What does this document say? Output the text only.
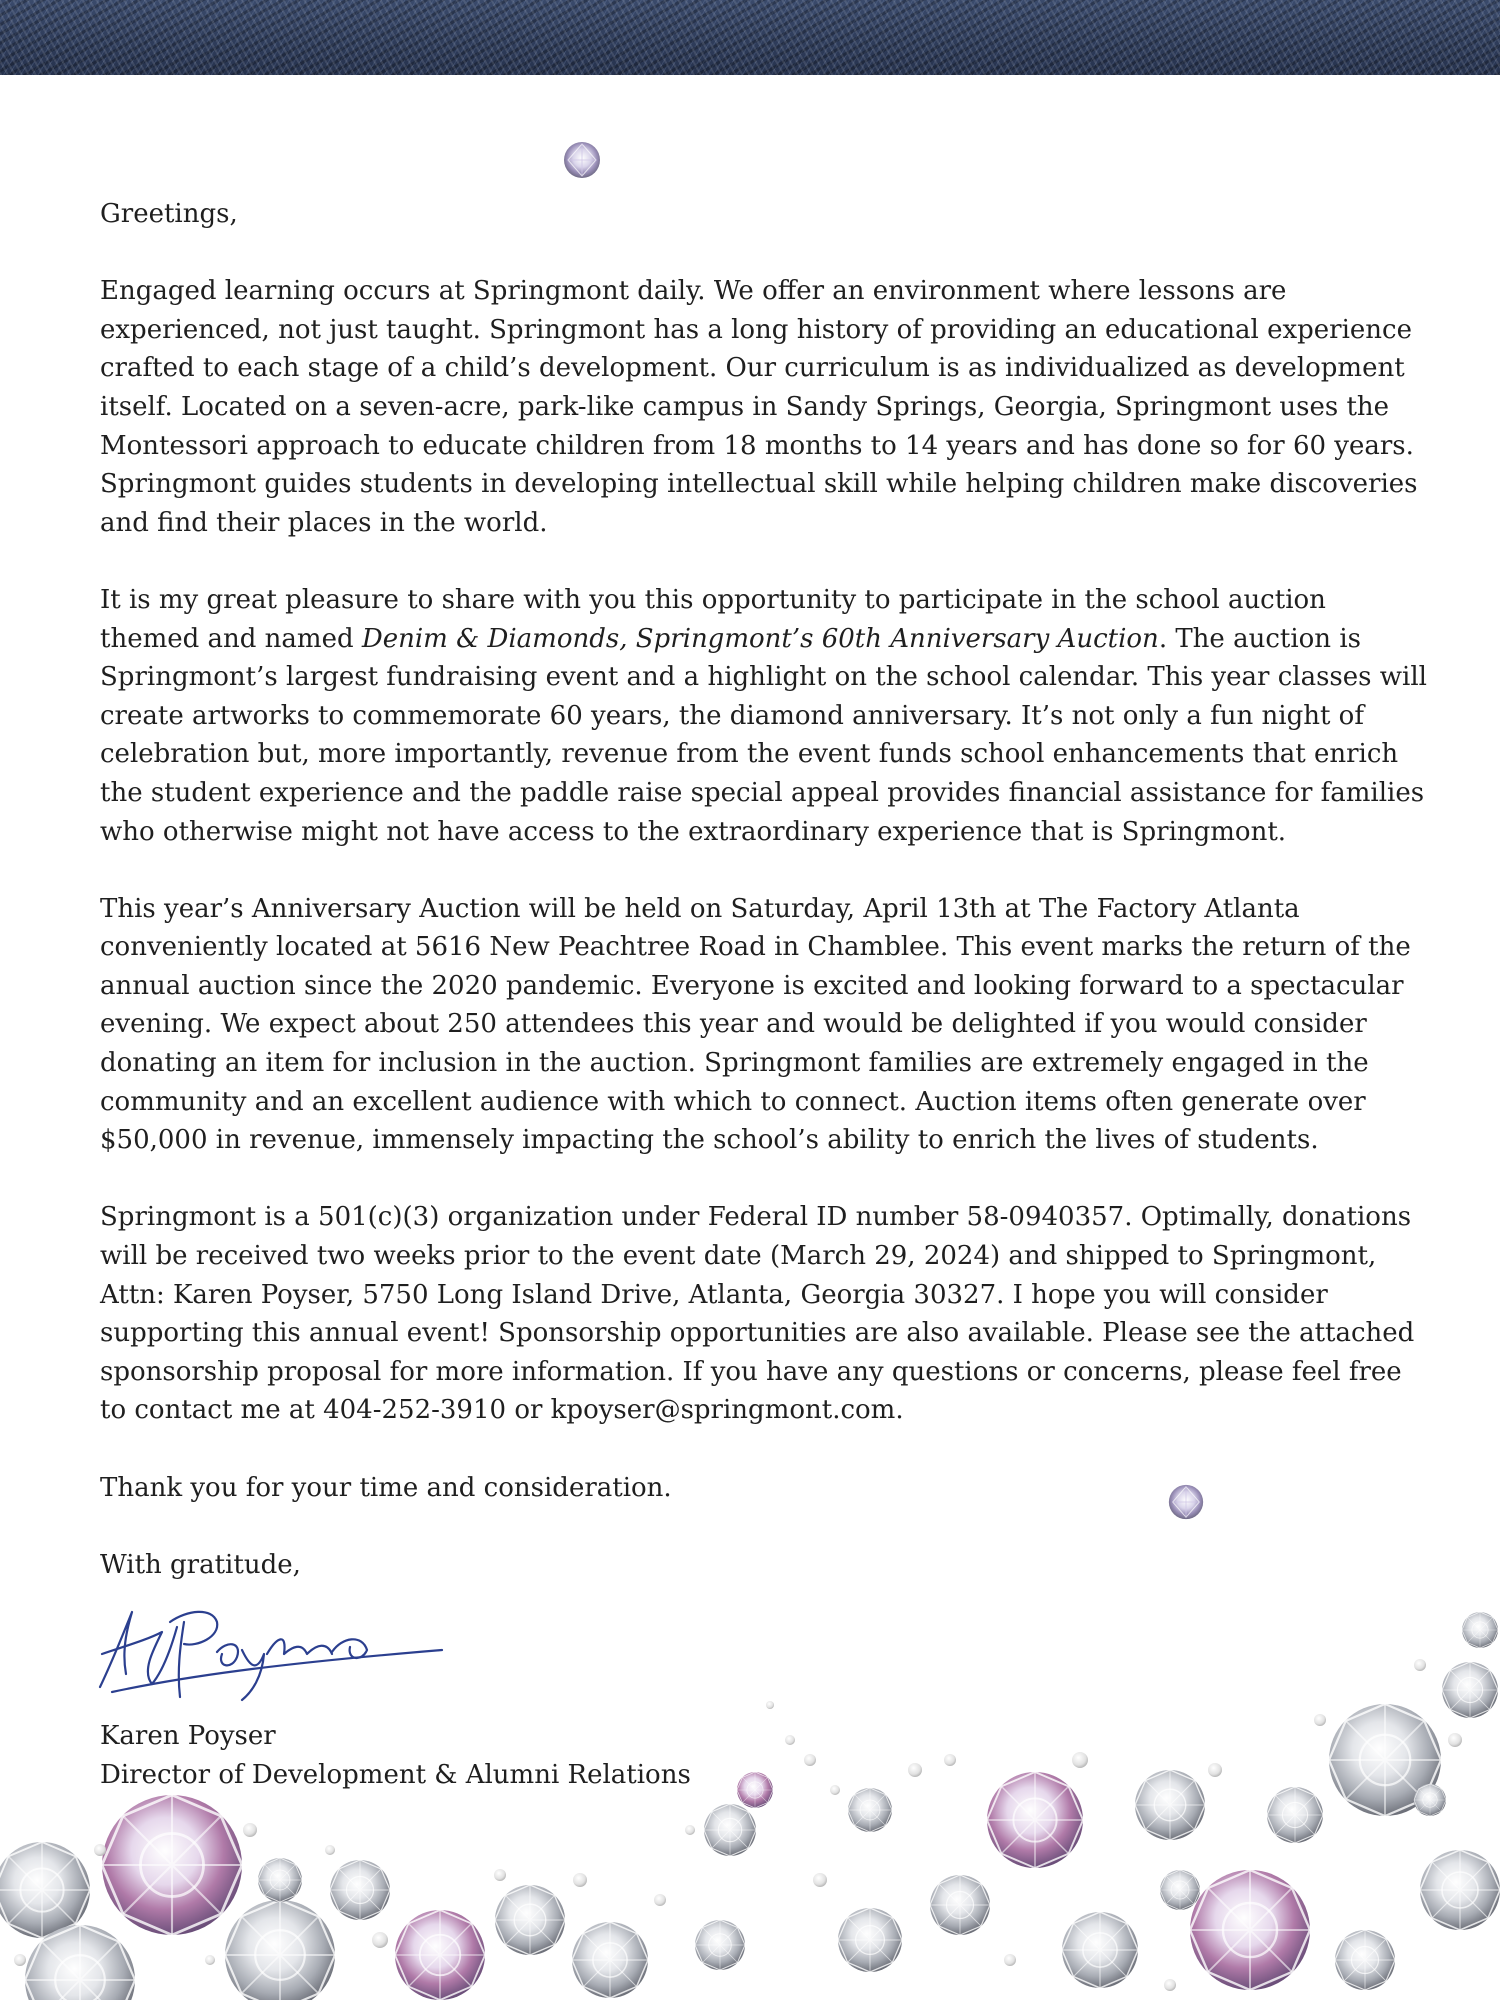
Greetings,

Engaged learning occurs at Springmont daily. We offer an environment where lessons are experienced, not just taught. Springmont has a long history of providing an educational experience crafted to each stage of a child’s development. Our curriculum is as individualized as development itself. Located on a seven-acre, park-like campus in Sandy Springs, Georgia, Springmont uses the Montessori approach to educate children from 18 months to 14 years and has done so for 60 years. Springmont guides students in developing intellectual skill while helping children make discoveries and find their places in the world.

It is my great pleasure to share with you this opportunity to participate in the school auction themed and named Denim & Diamonds, Springmont’s 60th Anniversary Auction. The auction is Springmont’s largest fundraising event and a highlight on the school calendar. This year classes will create artworks to commemorate 60 years, the diamond anniversary. It’s not only a fun night of celebration but, more importantly, revenue from the event funds school enhancements that enrich the student experience and the paddle raise special appeal provides financial assistance for families who otherwise might not have access to the extraordinary experience that is Springmont.

This year’s Anniversary Auction will be held on Saturday, April 13th at The Factory Atlanta conveniently located at 5616 New Peachtree Road in Chamblee. This event marks the return of the annual auction since the 2020 pandemic. Everyone is excited and looking forward to a spectacular evening. We expect about 250 attendees this year and would be delighted if you would consider donating an item for inclusion in the auction. Springmont families are extremely engaged in the community and an excellent audience with which to connect. Auction items often generate over $50,000 in revenue, immensely impacting the school’s ability to enrich the lives of students.

Springmont is a 501(c)(3) organization under Federal ID number 58-0940357. Optimally, donations will be received two weeks prior to the event date (March 29, 2024) and shipped to Springmont, Attn: Karen Poyser, 5750 Long Island Drive, Atlanta, Georgia 30327. I hope you will consider supporting this annual event! Sponsorship opportunities are also available. Please see the attached sponsorship proposal for more information. If you have any questions or concerns, please feel free to contact me at 404-252-3910 or kpoyser@springmont.com.

Thank you for your time and consideration.

With gratitude,

Karen Poyser
Director of Development & Alumni Relations
